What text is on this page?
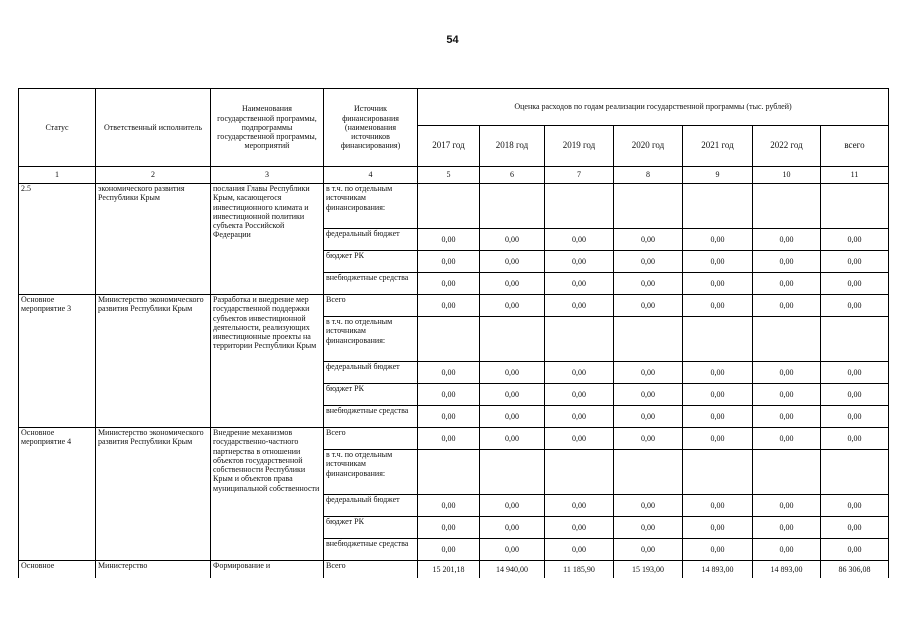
54
Статус	Ответственный исполнитель	Наименования государственной программы, подпрограммы государственной программы, мероприятий	Источник финансирования (наименования источников финансирования)	Оценка расходов по годам реализации государственной программы (тыс. рублей)						
				2017 год	2018 год	2019 год	2020 год	2021 год	2022 год	всего
1	2	3	4	5	6	7	8	9	10	11
2.5	экономического развития Республики Крым	послания Главы Республики Крым, касающегося инвестиционного климата и инвестиционной политики субъекта Российской Федерации	в т.ч. по отдельным источникам финансирования:							
			федеральный бюджет	0,00	0,00	0,00	0,00	0,00	0,00	0,00
			бюджет РК	0,00	0,00	0,00	0,00	0,00	0,00	0,00
			внебюджетные средства	0,00	0,00	0,00	0,00	0,00	0,00	0,00
Основное мероприятие 3	Министерство экономического развития Республики Крым	Разработка и внедрение мер государственной поддержки субъектов инвестиционной деятельности, реализующих инвестиционные проекты на территории Республики Крым	Всего	0,00	0,00	0,00	0,00	0,00	0,00	0,00
			в т.ч. по отдельным источникам финансирования:							
			федеральный бюджет	0,00	0,00	0,00	0,00	0,00	0,00	0,00
			бюджет РК	0,00	0,00	0,00	0,00	0,00	0,00	0,00
			внебюджетные средства	0,00	0,00	0,00	0,00	0,00	0,00	0,00
Основное мероприятие 4	Министерство экономического развития Республики Крым	Внедрение механизмов государственно-частного партнерства в отношении объектов государственной собственности Республики Крым и объектов права муниципальной собственности	Всего	0,00	0,00	0,00	0,00	0,00	0,00	0,00
			в т.ч. по отдельным источникам финансирования:							
			федеральный бюджет	0,00	0,00	0,00	0,00	0,00	0,00	0,00
			бюджет РК	0,00	0,00	0,00	0,00	0,00	0,00	0,00
			внебюджетные средства	0,00	0,00	0,00	0,00	0,00	0,00	0,00
Основное	Министерство	Формирование и	Всего	15 201,18	14 940,00	11 185,90	15 193,00	14 893,00	14 893,00	86 306,08
